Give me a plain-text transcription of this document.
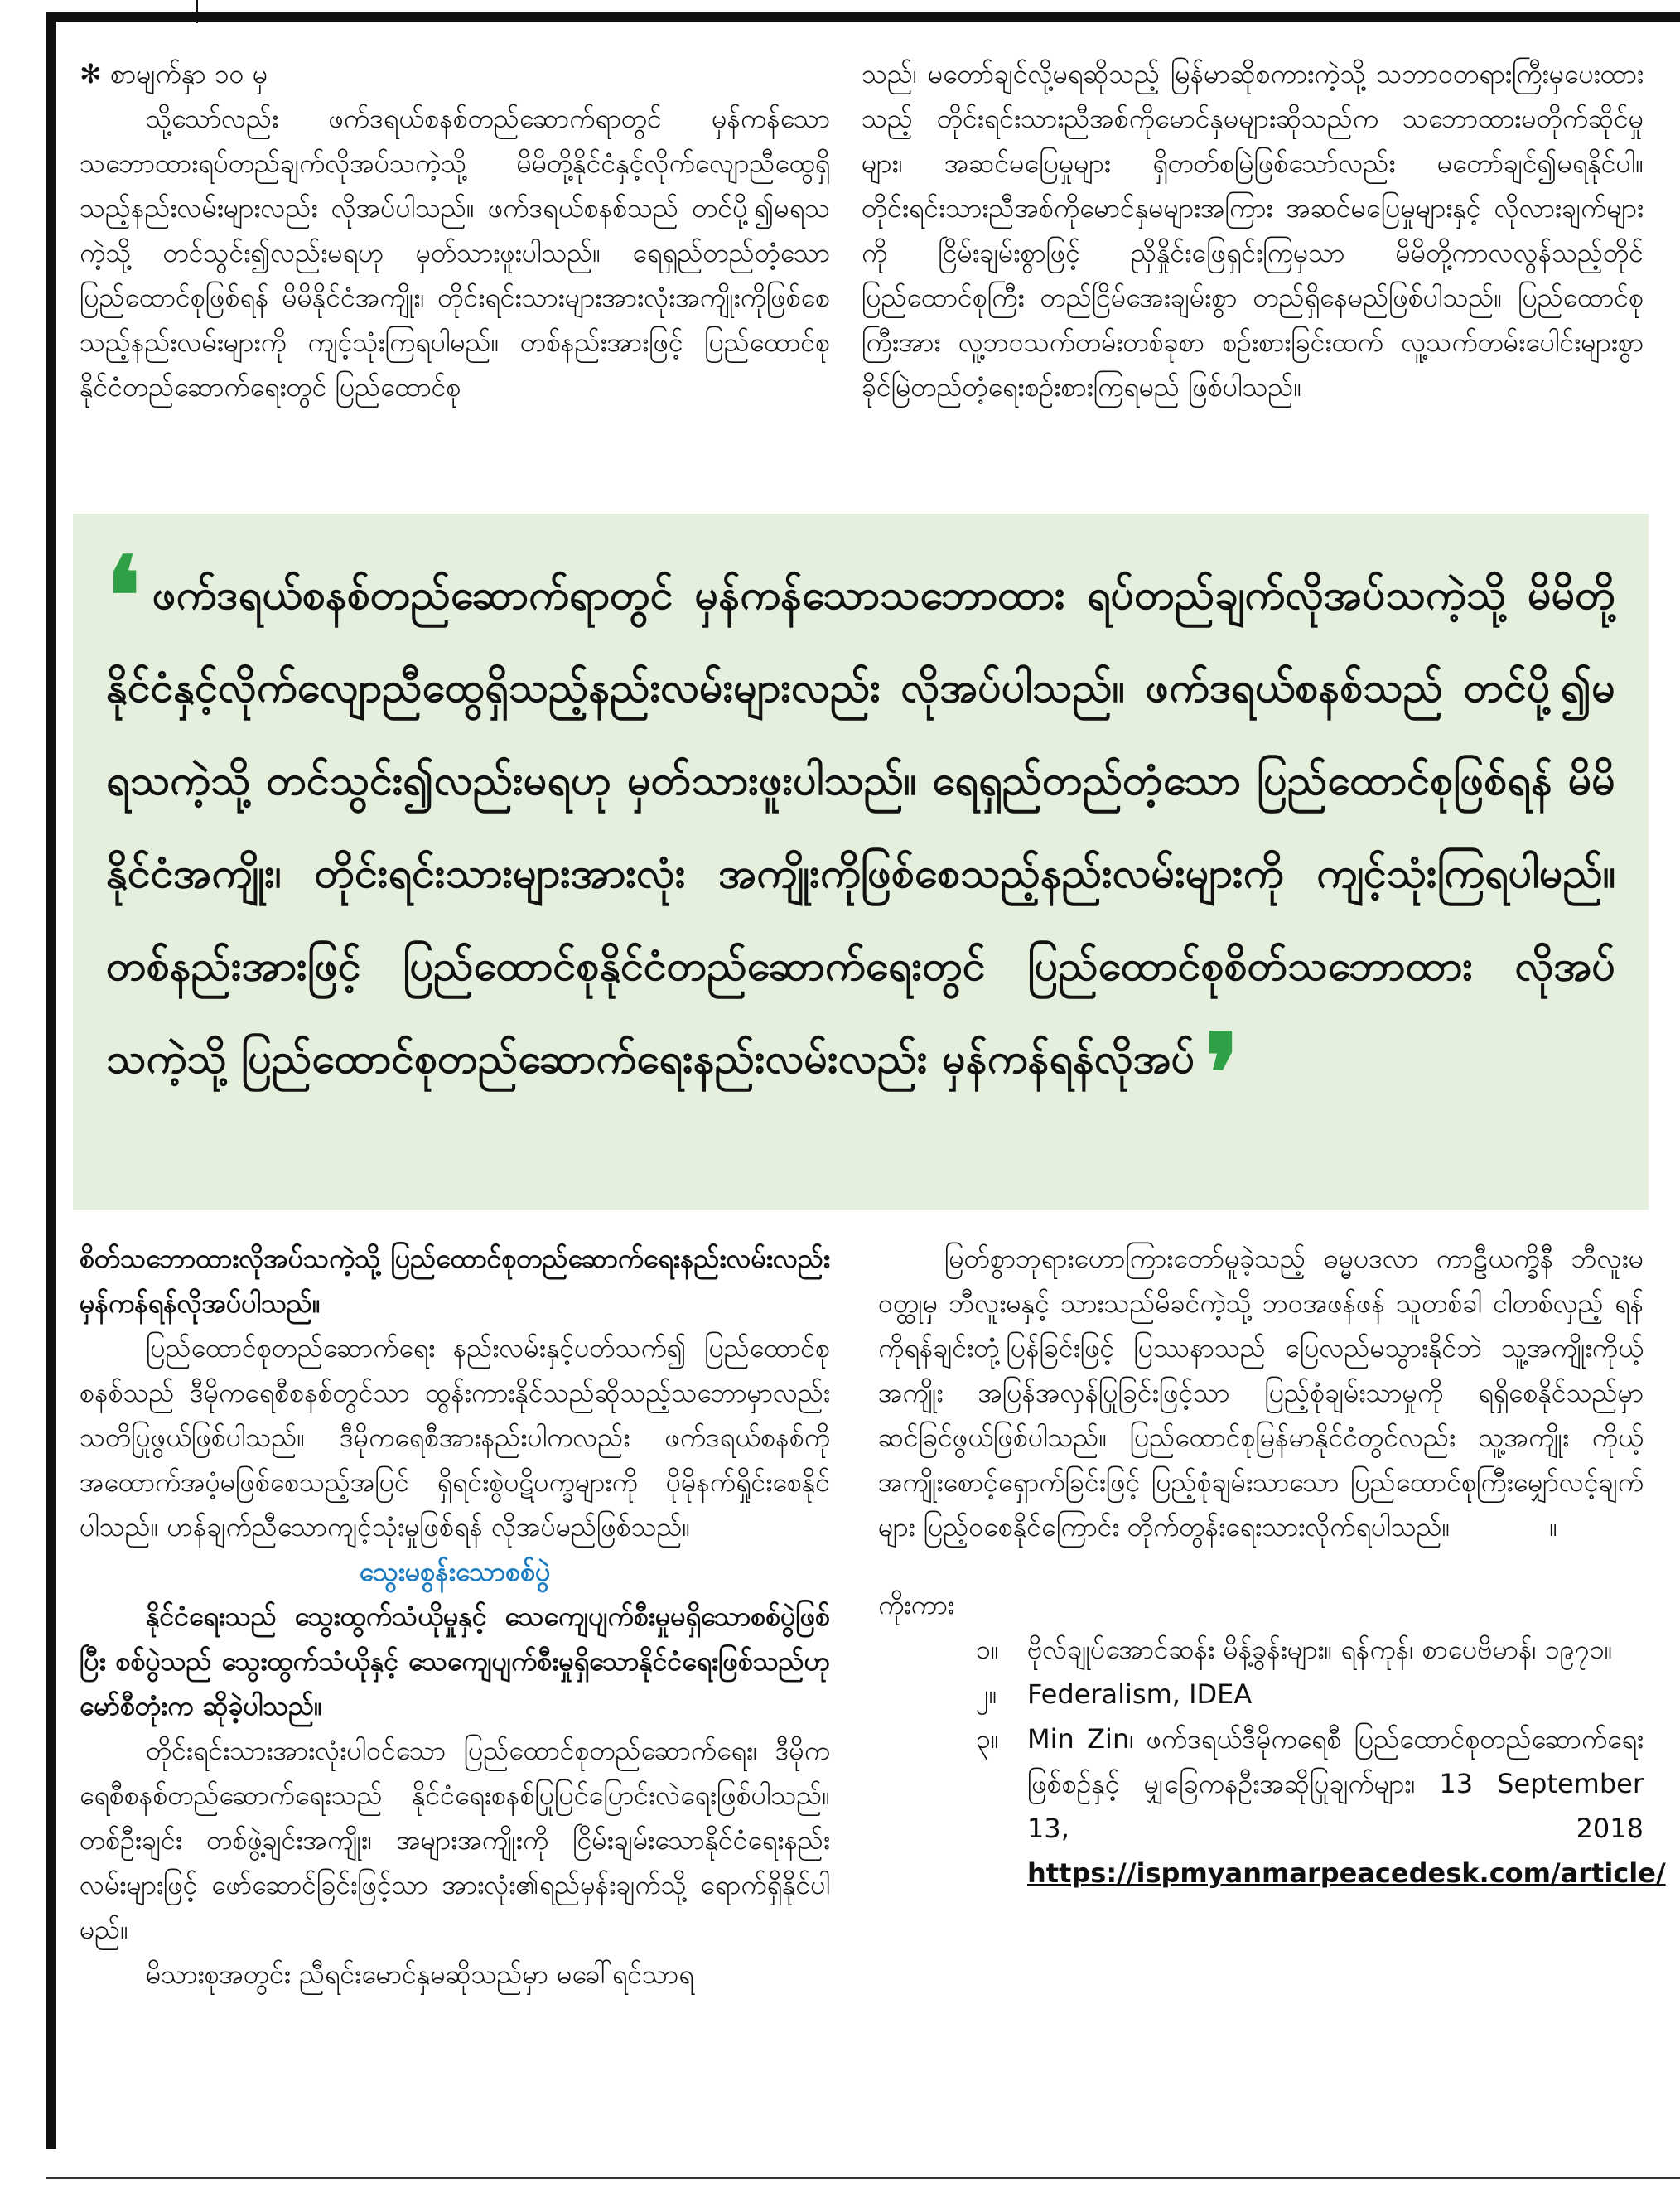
✻ စာမျက်နှာ ၁၀ မှ

သို့သော်လည်း ဖက်ဒရယ်စနစ်တည်ဆောက်ရာတွင် မှန်ကန်သောသဘောထားရပ်တည်ချက်လိုအပ်သကဲ့သို့ မိမိတို့နိုင်ငံနှင့်လိုက်လျောညီထွေရှိသည့်နည်းလမ်းများလည်း လိုအပ်ပါသည်။ ဖက်ဒရယ်စနစ်သည် တင်ပို့၍မရသကဲ့သို့ တင်သွင်း၍လည်းမရဟု မှတ်သားဖူးပါသည်။ ရေရှည်တည်တံ့သော ပြည်ထောင်စုဖြစ်ရန် မိမိနိုင်ငံအကျိုး၊ တိုင်းရင်းသားများအားလုံးအကျိုးကိုဖြစ်စေသည့်နည်းလမ်းများကို ကျင့်သုံးကြရပါမည်။ တစ်နည်းအားဖြင့် ပြည်ထောင်စုနိုင်ငံတည်ဆောက်ရေးတွင် ပြည်ထောင်စု

သည်၊ မတော်ချင်လို့မရဆိုသည့် မြန်မာဆိုစကားကဲ့သို့ သဘာဝတရားကြီးမှပေးထားသည့် တိုင်းရင်းသားညီအစ်ကိုမောင်နှမများဆိုသည်က သဘောထားမတိုက်ဆိုင်မှုများ၊ အဆင်မပြေမှုများ ရှိတတ်စမြဲဖြစ်သော်လည်း မတော်ချင်၍မရနိုင်ပါ။ တိုင်းရင်းသားညီအစ်ကိုမောင်နှမများအကြား အဆင်မပြေမှုများနှင့် လိုလားချက်များကို ငြိမ်းချမ်းစွာဖြင့် ညှိနှိုင်းဖြေရှင်းကြမှသာ မိမိတို့ကာလလွန်သည့်တိုင် ပြည်ထောင်စုကြီး တည်ငြိမ်အေးချမ်းစွာ တည်ရှိနေမည်ဖြစ်ပါသည်။ ပြည်ထောင်စုကြီးအား လူ့ဘဝသက်တမ်းတစ်ခုစာ စဉ်းစားခြင်းထက် လူ့သက်တမ်းပေါင်းများစွာ ခိုင်မြဲတည်တံ့ရေးစဉ်းစားကြရမည် ဖြစ်ပါသည်။

❛ ဖက်ဒရယ်စနစ်တည်ဆောက်ရာတွင် မှန်ကန်သောသဘောထား ရပ်တည်ချက်လိုအပ်သကဲ့သို့ မိမိတို့နိုင်ငံနှင့်လိုက်လျောညီထွေရှိသည့်နည်းလမ်းများလည်း လိုအပ်ပါသည်။ ဖက်ဒရယ်စနစ်သည် တင်ပို့၍မရသကဲ့သို့ တင်သွင်း၍လည်းမရဟု မှတ်သားဖူးပါသည်။ ရေရှည်တည်တံ့သော ပြည်ထောင်စုဖြစ်ရန် မိမိနိုင်ငံအကျိုး၊ တိုင်းရင်းသားများအားလုံး အကျိုးကိုဖြစ်စေသည့်နည်းလမ်းများကို ကျင့်သုံးကြရပါမည်။ တစ်နည်းအားဖြင့် ပြည်ထောင်စုနိုင်ငံတည်ဆောက်ရေးတွင် ပြည်ထောင်စုစိတ်သဘောထား လိုအပ်သကဲ့သို့ ပြည်ထောင်စုတည်ဆောက်ရေးနည်းလမ်းလည်း မှန်ကန်ရန်လိုအပ်❜

စိတ်သဘောထားလိုအပ်သကဲ့သို့ ပြည်ထောင်စုတည်ဆောက်ရေးနည်းလမ်းလည်း မှန်ကန်ရန်လိုအပ်ပါသည်။

ပြည်ထောင်စုတည်ဆောက်ရေး နည်းလမ်းနှင့်ပတ်သက်၍ ပြည်ထောင်စုစနစ်သည် ဒီမိုကရေစီစနစ်တွင်သာ ထွန်းကားနိုင်သည်ဆိုသည့်သဘောမှာလည်း သတိပြုဖွယ်ဖြစ်ပါသည်။ ဒီမိုကရေစီအားနည်းပါကလည်း ဖက်ဒရယ်စနစ်ကိုအထောက်အပံ့မဖြစ်စေသည့်အပြင် ရှိရင်းစွဲပဋိပက္ခများကို ပိုမိုနက်ရှိုင်းစေနိုင်ပါသည်။ ဟန်ချက်ညီသောကျင့်သုံးမှုဖြစ်ရန် လိုအပ်မည်ဖြစ်သည်။

သွေးမစွန်းသောစစ်ပွဲ

နိုင်ငံရေးသည် သွေးထွက်သံယိုမှုနှင့် သေကျေပျက်စီးမှုမရှိသောစစ်ပွဲဖြစ်ပြီး စစ်ပွဲသည် သွေးထွက်သံယိုနှင့် သေကျေပျက်စီးမှုရှိသောနိုင်ငံရေးဖြစ်သည်ဟု မော်စီတုံးက ဆိုခဲ့ပါသည်။

တိုင်းရင်းသားအားလုံးပါဝင်သော ပြည်ထောင်စုတည်ဆောက်ရေး၊ ဒီမိုကရေစီစနစ်တည်ဆောက်ရေးသည် နိုင်ငံရေးစနစ်ပြုပြင်ပြောင်းလဲရေးဖြစ်ပါသည်။ တစ်ဦးချင်း တစ်ဖွဲ့ချင်းအကျိုး၊ အများအကျိုးကို ငြိမ်းချမ်းသောနိုင်ငံရေးနည်းလမ်းများဖြင့် ဖော်ဆောင်ခြင်းဖြင့်သာ အားလုံး၏ရည်မှန်းချက်သို့ ရောက်ရှိနိုင်ပါမည်။

မိသားစုအတွင်း ညီရင်းမောင်နှမဆိုသည်မှာ မခေါ်ရင်သာရ

မြတ်စွာဘုရားဟောကြားတော်မူခဲ့သည့် ဓမ္မပဒလာ ကာဠီယက္ခိနီ ဘီလူးမဝတ္ထုမှ ဘီလူးမနှင့် သားသည်မိခင်ကဲ့သို့ ဘဝအဖန်ဖန် သူတစ်ခါ ငါတစ်လှည့် ရန်ကိုရန်ချင်းတုံ့ပြန်ခြင်းဖြင့် ပြဿနာသည် ပြေလည်မသွားနိုင်ဘဲ သူ့အကျိုးကိုယ့်အကျိုး အပြန်အလှန်ပြုခြင်းဖြင့်သာ ပြည့်စုံချမ်းသာမှုကို ရရှိစေနိုင်သည်မှာ ဆင်ခြင်ဖွယ်ဖြစ်ပါသည်။ ပြည်ထောင်စုမြန်မာနိုင်ငံတွင်လည်း သူ့အကျိုး ကိုယ့်အကျိုးစောင့်ရှောက်ခြင်းဖြင့် ပြည့်စုံချမ်းသာသော ပြည်ထောင်စုကြီးမျှော်လင့်ချက်များ ပြည့်ဝစေနိုင်ကြောင်း တိုက်တွန်းရေးသားလိုက်ရပါသည်။	။

ကိုးကား

၁။ ဗိုလ်ချုပ်အောင်ဆန်း မိန့်ခွန်းများ။ ရန်ကုန်၊ စာပေဗိမာန်၊ ၁၉၇၁။

၂။ Federalism, IDEA

၃။ Min Zin၊ ဖက်ဒရယ်ဒီမိုကရေစီ ပြည်ထောင်စုတည်ဆောက်ရေး ဖြစ်စဉ်နှင့် မျှခြေကနဦးအဆိုပြုချက်များ၊ 13 September 13, 2018 https://ispmyanmarpeacedesk.com/article/
